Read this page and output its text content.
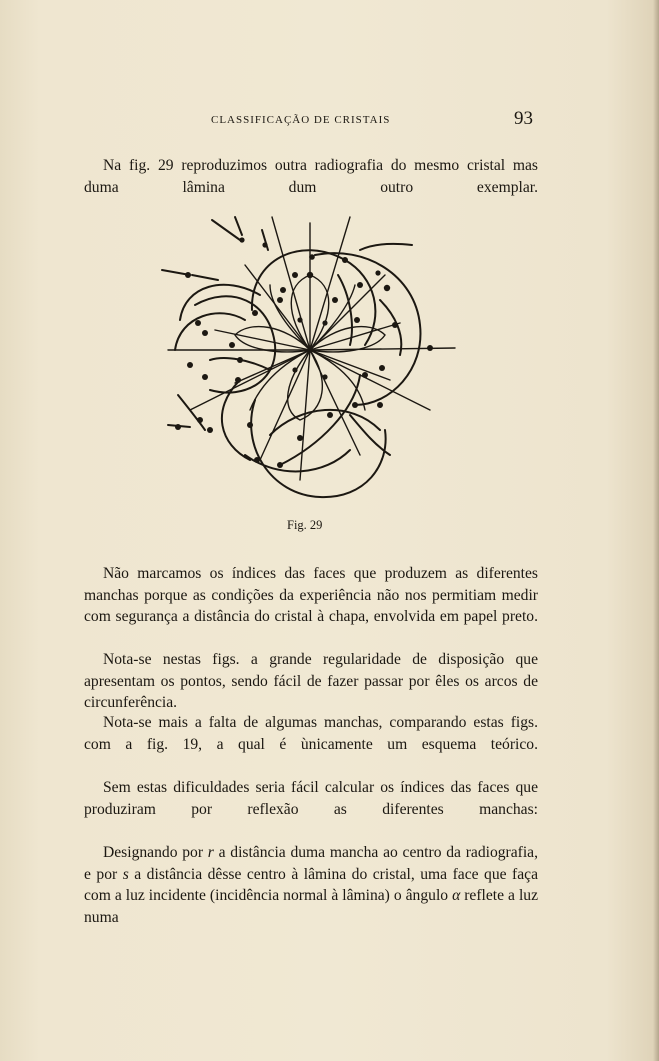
CLASSIFICAÇÃO DE CRISTAIS	93

Na fig. 29 reproduzimos outra radiografia do mesmo cristal mas duma lâmina dum outro exemplar.

Fig. 29

Não marcamos os índices das faces que produzem as diferentes manchas porque as condições da experiência não nos permitiam medir com segurança a distância do cristal à chapa, envolvida em papel preto.

Nota-se nestas figs. a grande regularidade de disposição que apresentam os pontos, sendo fácil de fazer passar por êles os arcos de circunferência.

Nota-se mais a falta de algumas manchas, comparando estas figs. com a fig. 19, a qual é ùnicamente um esquema teórico.

Sem estas dificuldades seria fácil calcular os índices das faces que produziram por reflexão as diferentes manchas:

Designando por r a distância duma mancha ao centro da radiografia, e por s a distância dêsse centro à lâmina do cristal, uma face que faça com a luz incidente (incidência normal à lâmina) o ângulo α reflete a luz numa
